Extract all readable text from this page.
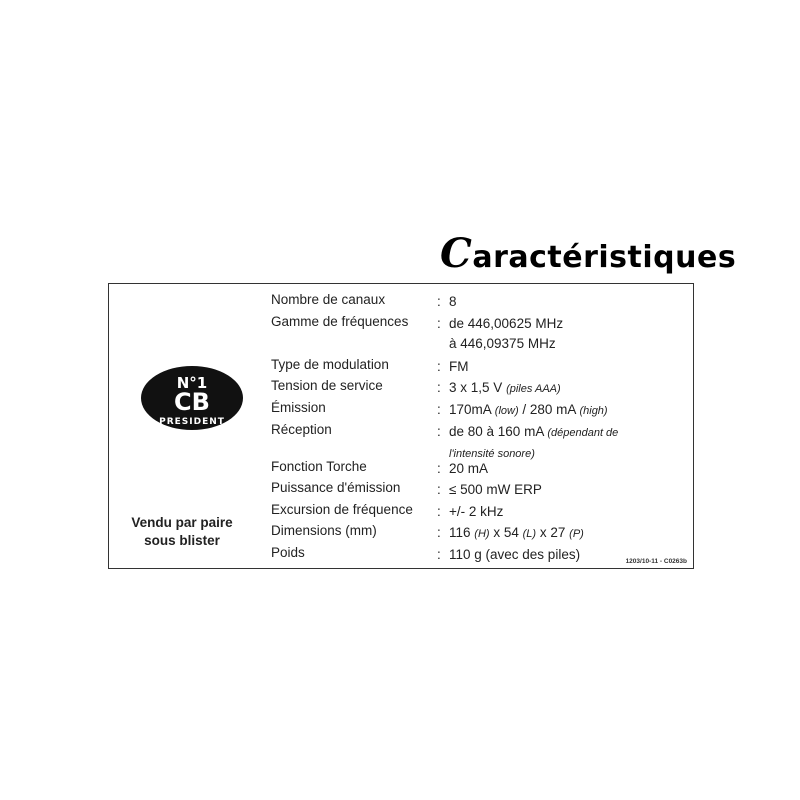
Caractéristiques
N°1
CB
PRESIDENT
Vendu par paire
sous blister
Nombre de canaux	: 8
Gamme de fréquences : de 446,00625 MHz
à 446,09375 MHz
Type de modulation	: FM
Tension de service	: 3 x 1,5 V (piles AAA)
Émission	: 170mA (low) / 280 mA (high)
Réception	: de 80 à 160 mA (dépendant de
l'intensité sonore)
Fonction Torche	: 20 mA
Puissance d'émission	: ≤ 500 mW ERP
Excursion de fréquence : +/- 2 kHz
Dimensions (mm)	: 116 (H) x 54 (L) x 27 (P)
Poids	: 110 g (avec des piles)	1203/10-11 - C0263b
